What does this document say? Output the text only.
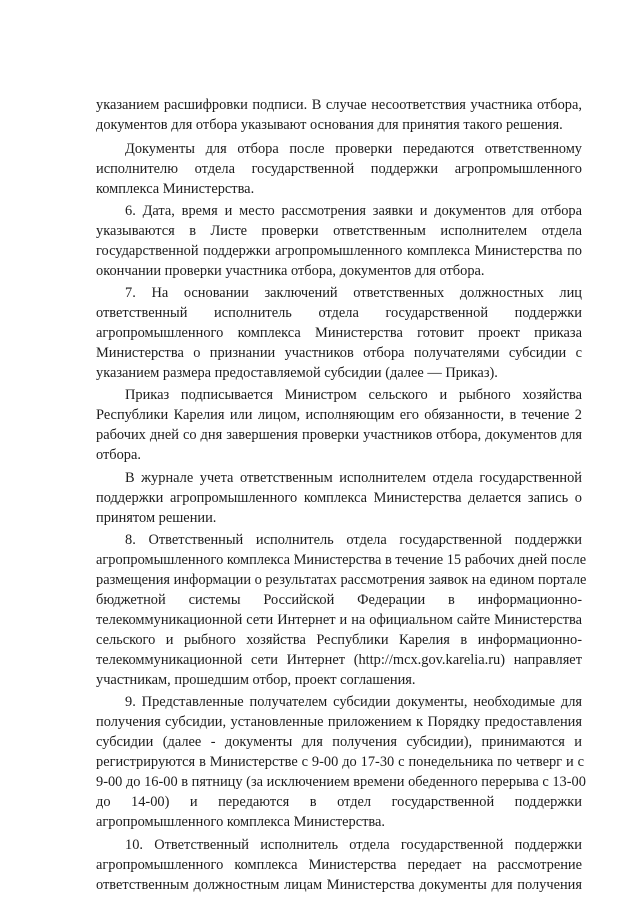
указанием расшифровки подписи. В случае несоответствия участника отбора,
документов для отбора указывают основания для принятия такого решения.
Документы для отбора после проверки передаются ответственному
исполнителю отдела государственной поддержки агропромышленного
комплекса Министерства.
6. Дата, время и место рассмотрения заявки и документов для отбора
указываются в Листе проверки ответственным исполнителем отдела
государственной поддержки агропромышленного комплекса Министерства по
окончании проверки участника отбора, документов для отбора.
7. На основании заключений ответственных должностных лиц
ответственный исполнитель отдела государственной поддержки
агропромышленного комплекса Министерства готовит проект приказа
Министерства о признании участников отбора получателями субсидии с
указанием размера предоставляемой субсидии (далее — Приказ).
Приказ подписывается Министром сельского и рыбного хозяйства
Республики Карелия или лицом, исполняющим его обязанности, в течение 2
рабочих дней со дня завершения проверки участников отбора, документов для
отбора.
В журнале учета ответственным исполнителем отдела государственной
поддержки агропромышленного комплекса Министерства делается запись о
принятом решении.
8. Ответственный исполнитель отдела государственной поддержки
агропромышленного комплекса Министерства в течение 15 рабочих дней после
размещения информации о результатах рассмотрения заявок на едином портале
бюджетной системы Российской Федерации в информационно-
телекоммуникационной сети Интернет и на официальном сайте Министерства
сельского и рыбного хозяйства Республики Карелия в информационно-
телекоммуникационной сети Интернет (http://mcx.gov.karelia.ru) направляет
участникам, прошедшим отбор, проект соглашения.
9. Представленные получателем субсидии документы, необходимые для
получения субсидии, установленные приложением к Порядку предоставления
субсидии (далее - документы для получения субсидии), принимаются и
регистрируются в Министерстве с 9-00 до 17-30 с понедельника по четверг и с
9-00 до 16-00 в пятницу (за исключением времени обеденного перерыва с 13-00
до 14-00) и передаются в отдел государственной поддержки
агропромышленного комплекса Министерства.
10. Ответственный исполнитель отдела государственной поддержки
агропромышленного комплекса Министерства передает на рассмотрение
ответственным должностным лицам Министерства документы для получения
